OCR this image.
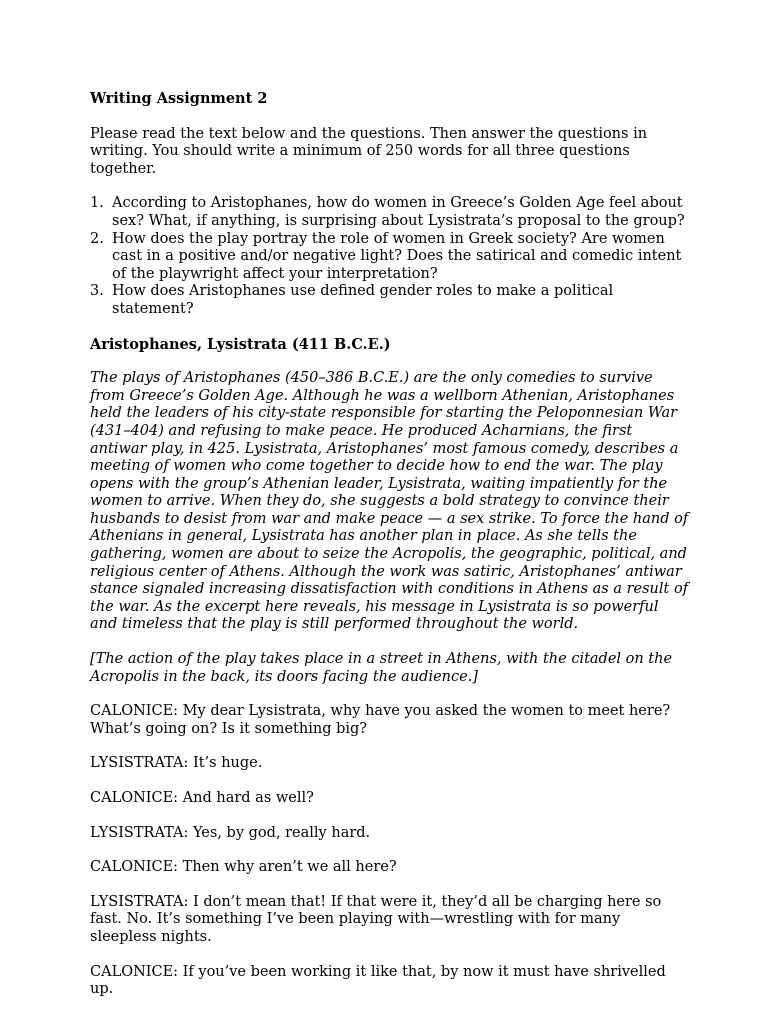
Writing Assignment 2
Please read the text below and the questions. Then answer the questions in writing. You should write a minimum of 250 words for all three questions together.
1. According to Aristophanes, how do women in Greece’s Golden Age feel about sex? What, if anything, is surprising about Lysistrata’s proposal to the group?
2. How does the play portray the role of women in Greek society? Are women cast in a positive and/or negative light? Does the satirical and comedic intent of the playwright affect your interpretation?
3. How does Aristophanes use defined gender roles to make a political statement?
Aristophanes, Lysistrata (411 B.C.E.)
The plays of Aristophanes (450–386 B.C.E.) are the only comedies to survive from Greece’s Golden Age. Although he was a wellborn Athenian, Aristophanes held the leaders of his city-state responsible for starting the Peloponnesian War (431–404) and refusing to make peace. He produced Acharnians, the first antiwar play, in 425. Lysistrata, Aristophanes’ most famous comedy, describes a meeting of women who come together to decide how to end the war. The play opens with the group’s Athenian leader, Lysistrata, waiting impatiently for the women to arrive. When they do, she suggests a bold strategy to convince their husbands to desist from war and make peace — a sex strike. To force the hand of Athenians in general, Lysistrata has another plan in place. As she tells the gathering, women are about to seize the Acropolis, the geographic, political, and religious center of Athens. Although the work was satiric, Aristophanes’ antiwar stance signaled increasing dissatisfaction with conditions in Athens as a result of the war. As the excerpt here reveals, his message in Lysistrata is so powerful and timeless that the play is still performed throughout the world.
[The action of the play takes place in a street in Athens, with the citadel on the Acropolis in the back, its doors facing the audience.]
CALONICE: My dear Lysistrata, why have you asked the women to meet here? What’s going on? Is it something big?
LYSISTRATA: It’s huge.
CALONICE: And hard as well?
LYSISTRATA: Yes, by god, really hard.
CALONICE: Then why aren’t we all here?
LYSISTRATA: I don’t mean that! If that were it, they’d all be charging here so fast. No. It’s something I’ve been playing with—wrestling with for many sleepless nights.
CALONICE: If you’ve been working it like that, by now it must have shrivelled up.
